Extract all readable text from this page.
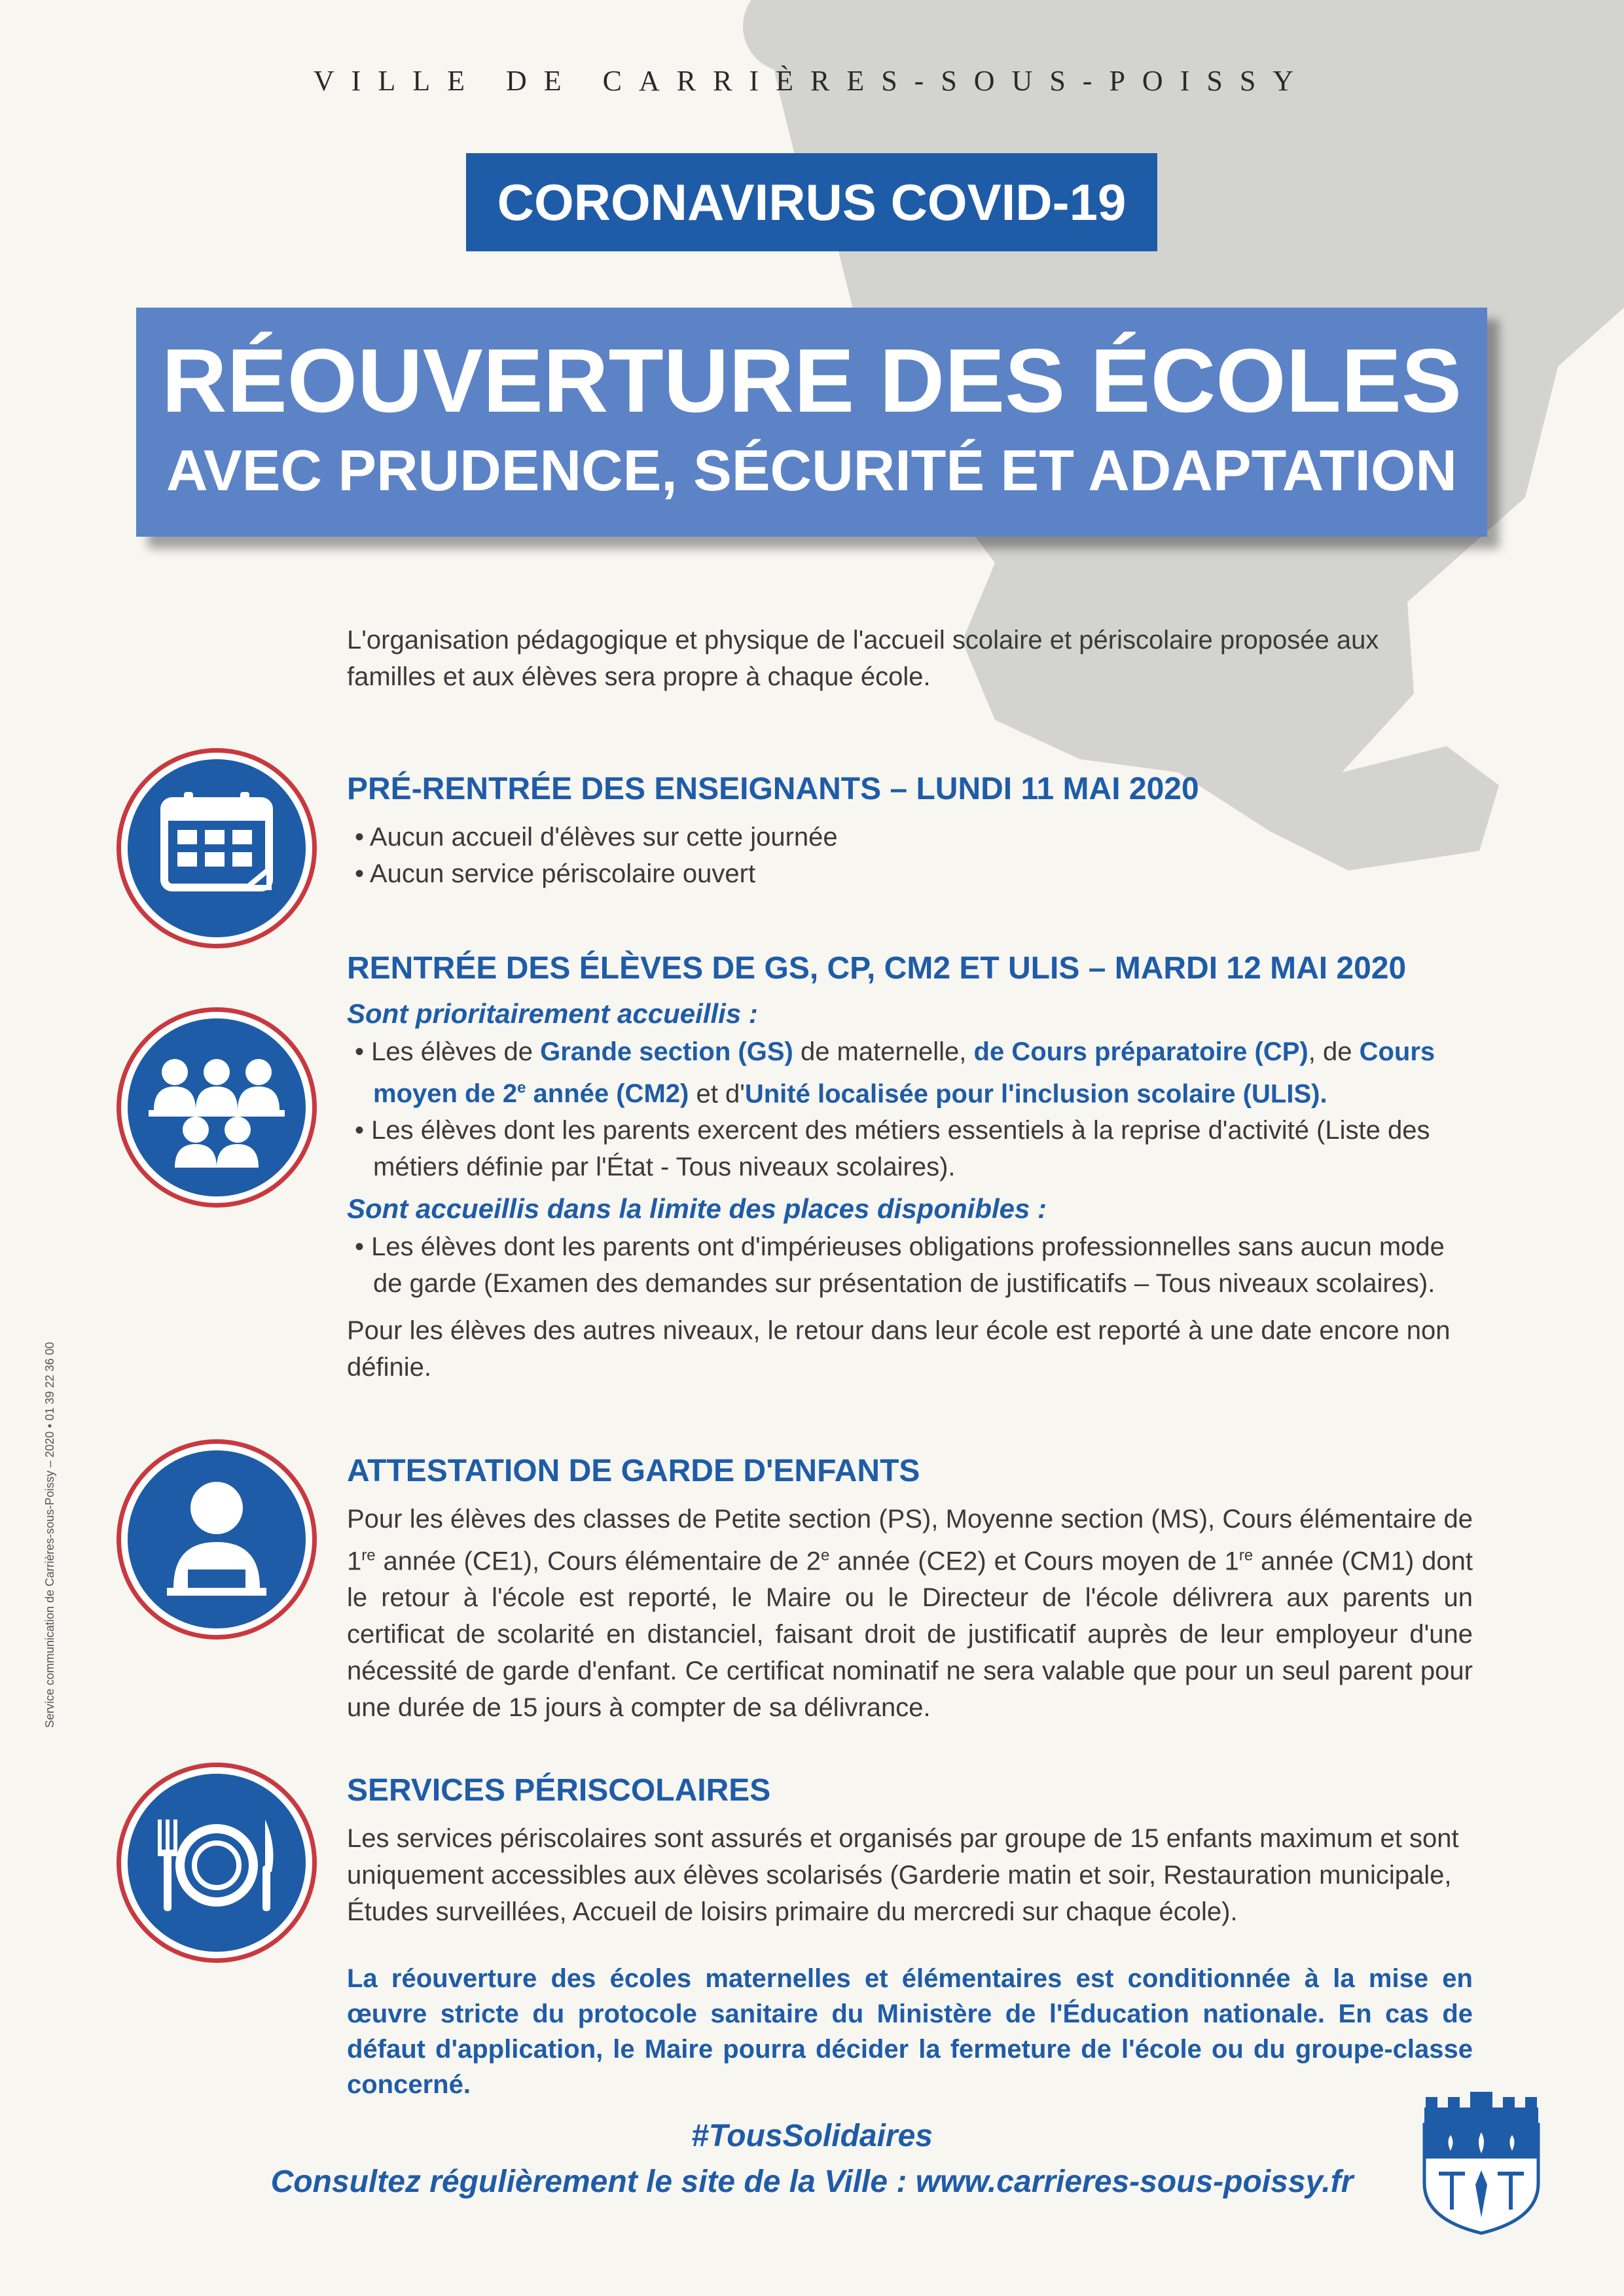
VILLE DE CARRIÈRES-SOUS-POISSY
CORONAVIRUS COVID-19
RÉOUVERTURE DES ÉCOLES
AVEC PRUDENCE, SÉCURITÉ ET ADAPTATION
L'organisation pédagogique et physique de l'accueil scolaire et périscolaire proposée aux familles et aux élèves sera propre à chaque école.
PRÉ-RENTRÉE DES ENSEIGNANTS – LUNDI 11 MAI 2020
• Aucun accueil d'élèves sur cette journée
• Aucun service périscolaire ouvert
RENTRÉE DES ÉLÈVES DE GS, CP, CM2 ET ULIS – MARDI 12 MAI 2020
Sont prioritairement accueillis :
• Les élèves de Grande section (GS) de maternelle, de Cours préparatoire (CP), de Cours moyen de 2e année (CM2) et d'Unité localisée pour l'inclusion scolaire (ULIS).
• Les élèves dont les parents exercent des métiers essentiels à la reprise d'activité (Liste des métiers définie par l'État - Tous niveaux scolaires).
Sont accueillis dans la limite des places disponibles :
• Les élèves dont les parents ont d'impérieuses obligations professionnelles sans aucun mode de garde (Examen des demandes sur présentation de justificatifs – Tous niveaux scolaires).
Pour les élèves des autres niveaux, le retour dans leur école est reporté à une date encore non définie.
ATTESTATION DE GARDE D'ENFANTS
Pour les élèves des classes de Petite section (PS), Moyenne section (MS), Cours élémentaire de 1re année (CE1), Cours élémentaire de 2e année (CE2) et Cours moyen de 1re année (CM1) dont le retour à l'école est reporté, le Maire ou le Directeur de l'école délivrera aux parents un certificat de scolarité en distanciel, faisant droit de justificatif auprès de leur employeur d'une nécessité de garde d'enfant. Ce certificat nominatif ne sera valable que pour un seul parent pour une durée de 15 jours à compter de sa délivrance.
SERVICES PÉRISCOLAIRES
Les services périscolaires sont assurés et organisés par groupe de 15 enfants maximum et sont uniquement accessibles aux élèves scolarisés (Garderie matin et soir, Restauration municipale, Études surveillées, Accueil de loisirs primaire du mercredi sur chaque école).
La réouverture des écoles maternelles et élémentaires est conditionnée à la mise en œuvre stricte du protocole sanitaire du Ministère de l'Éducation nationale. En cas de défaut d'application, le Maire pourra décider la fermeture de l'école ou du groupe-classe concerné.
#TousSolidaires
Consultez régulièrement le site de la Ville : www.carrieres-sous-poissy.fr
Service communication de Carrières-sous-Poissy – 2020 • 01 39 22 36 00
